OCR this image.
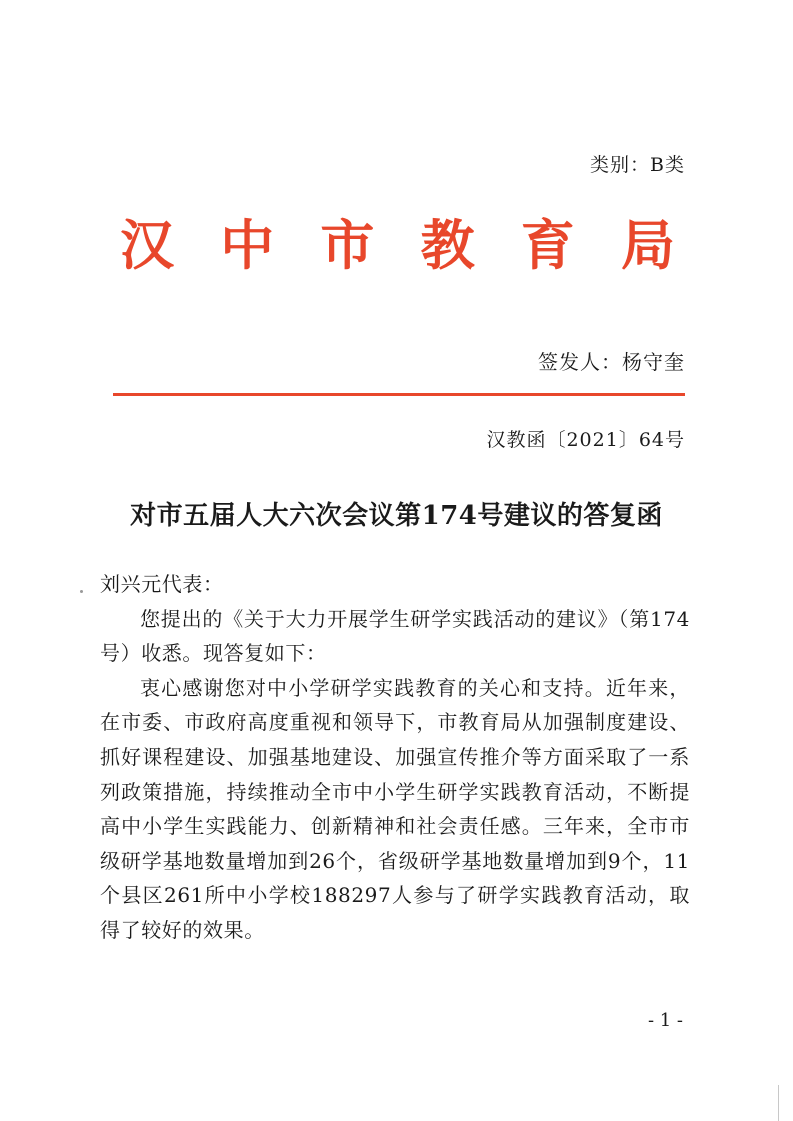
类别：B类
汉 中 市 教 育 局
签发人：杨守奎
汉教函〔2021〕64号
对市五届人大六次会议第174号建议的答复函

刘兴元代表：

您提出的《关于大力开展学生研学实践活动的建议》（第174号）收悉。现答复如下：

衷心感谢您对中小学研学实践教育的关心和支持。近年来，在市委、市政府高度重视和领导下，市教育局从加强制度建设、抓好课程建设、加强基地建设、加强宣传推介等方面采取了一系列政策措施，持续推动全市中小学生研学实践教育活动，不断提高中小学生实践能力、创新精神和社会责任感。三年来，全市市级研学基地数量增加到26个，省级研学基地数量增加到9个，11个县区261所中小学校188297人参与了研学实践教育活动，取得了较好的效果。

- 1 -
